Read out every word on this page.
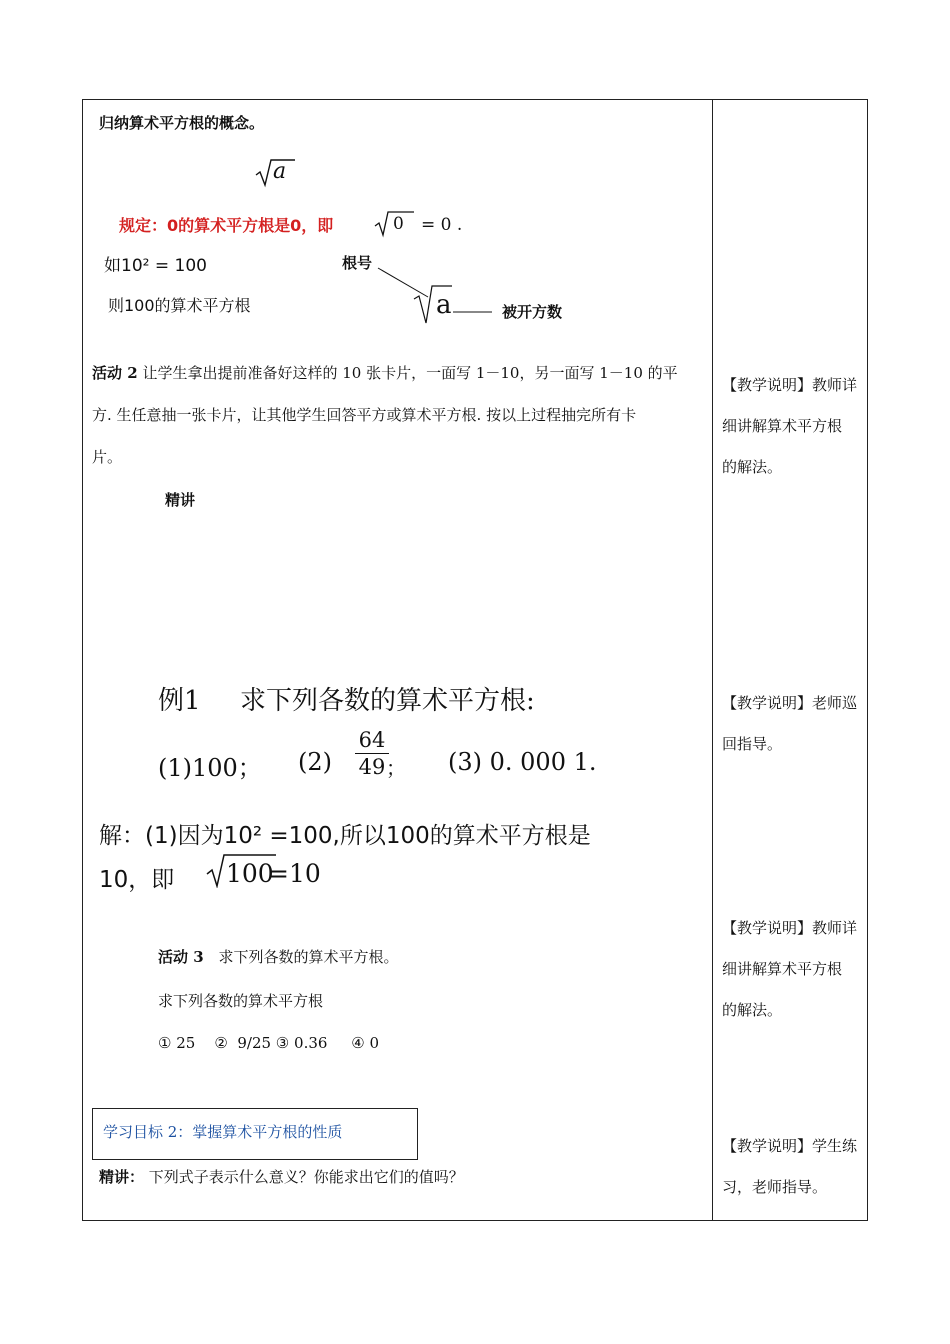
归纳算术平方根的概念。
a
规定：0的算术平方根是0，即	0 = 0 .
如10² = 100
则100的算术平方根
根号
a	被开方数
活动 2 让学生拿出提前准备好这样的 10 张卡片，一面写 1－10，另一面写 1－10 的平
方. 生任意抽一张卡片，让其他学生回答平方或算术平方根. 按以上过程抽完所有卡
片。
精讲
例1 求下列各数的算术平方根:
(1)100； (2)
64
49 ； (3) 0. 000 1.
解：(1)因为10² =100,所以100的算术平方根是
10，即 100
=10
活动 3 求下列各数的算术平方根。
求下列各数的算术平方根
① 25    ②  9/25 ③ 0.36     ④ 0
学习目标 2：掌握算术平方根的性质
精讲： 下列式子表示什么意义？你能求出它们的值吗？
【教学说明】教师详
细讲解算术平方根
的解法。
【教学说明】老师巡
回指导。
【教学说明】教师详
细讲解算术平方根
的解法。
【教学说明】学生练
习，老师指导。
